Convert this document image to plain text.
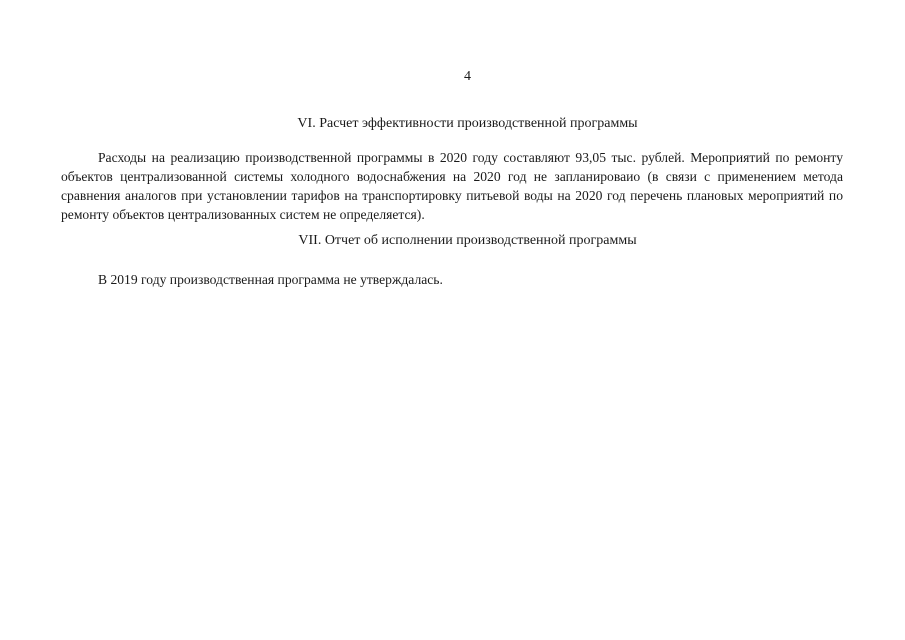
4
VI. Расчет эффективности производственной программы

Расходы на реализацию производственной программы в 2020 году составляют 93,05 тыс. рублей. Мероприятий по ремонту объектов централизованной системы холодного водоснабжения на 2020 год не запланироваио (в связи с применением метода сравнения аналогов при установлении тарифов на транспортировку питьевой воды на 2020 год перечень плановых мероприятий по ремонту объектов централизованных систем не определяется).

VII. Отчет об исполнении производственной программы

В 2019 году производственная программа не утверждалась.
